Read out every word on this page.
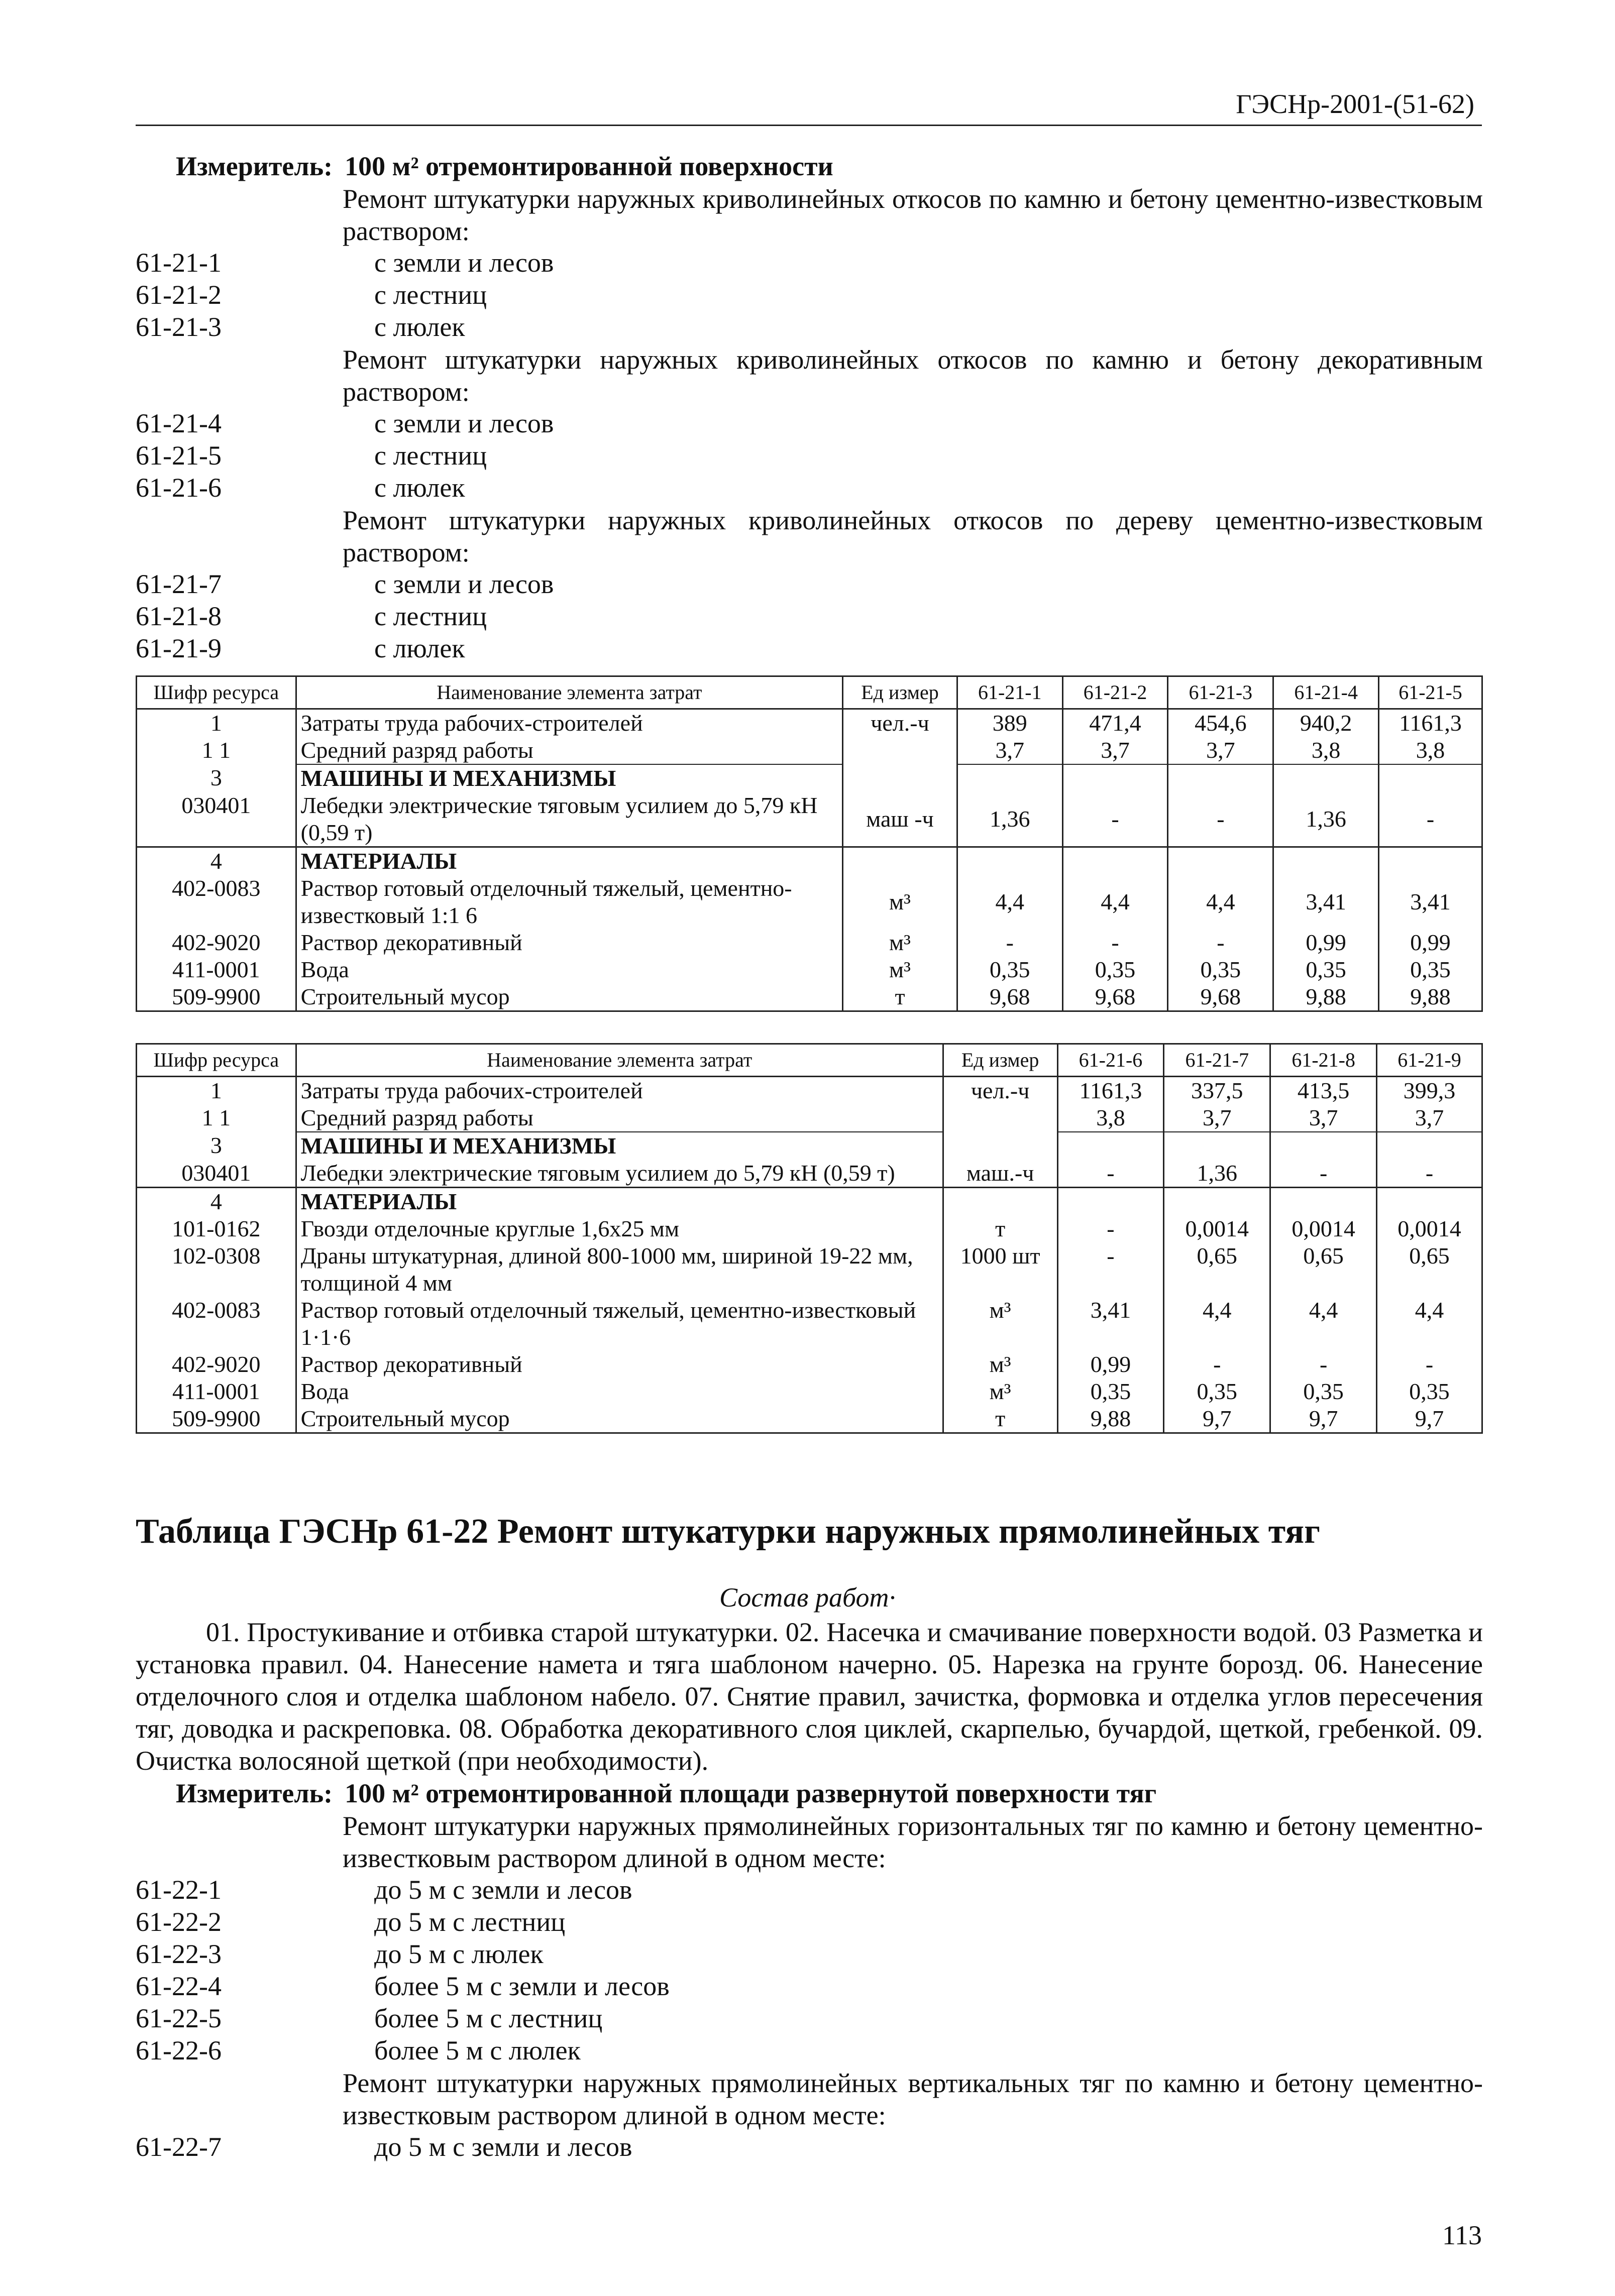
ГЭСНр-2001-(51-62)
Измеритель: 100 м² отремонтированной поверхности
Ремонт штукатурки наружных криволинейных откосов по камню и бетону цементно-известковым раствором:
61-21-1	с земли и лесов
61-21-2	с лестниц
61-21-3	с люлек
Ремонт штукатурки наружных криволинейных откосов по камню и бетону декоративным раствором:
61-21-4	с земли и лесов
61-21-5	с лестниц
61-21-6	с люлек
Ремонт штукатурки наружных криволинейных откосов по дереву цементно-известковым раствором:
61-21-7	с земли и лесов
61-21-8	с лестниц
61-21-9	с люлек
Шифр ресурса	Наименование элемента затрат	Ед измер	61-21-1	61-21-2	61-21-3	61-21-4	61-21-5
1	Затраты труда рабочих-строителей	чел.-ч	389	471,4	454,6	940,2	1161,3
1 1	Средний разряд работы		3,7	3,7	3,7	3,8	3,8
3	МАШИНЫ И МЕХАНИЗМЫ						
030401	Лебедки электрические тяговым усилием до 5,79 кН (0,59 т)	маш -ч	1,36	-	-	1,36	-
4	МАТЕРИАЛЫ						
402-0083	Раствор готовый отделочный тяжелый, цементно-известковый 1:1 6	м³	4,4	4,4	4,4	3,41	3,41
402-9020	Раствор декоративный	м³	-	-	-	0,99	0,99
411-0001	Вода	м³	0,35	0,35	0,35	0,35	0,35
509-9900	Строительный мусор	т	9,68	9,68	9,68	9,88	9,88
Шифр ресурса	Наименование элемента затрат	Ед измер	61-21-6	61-21-7	61-21-8	61-21-9
1	Затраты труда рабочих-строителей	чел.-ч	1161,3	337,5	413,5	399,3
1 1	Средний разряд работы		3,8	3,7	3,7	3,7
3	МАШИНЫ И МЕХАНИЗМЫ					
030401	Лебедки электрические тяговым усилием до 5,79 кН (0,59 т)	маш.-ч	-	1,36	-	-
4	МАТЕРИАЛЫ					
101-0162	Гвозди отделочные круглые 1,6х25 мм	т	-	0,0014	0,0014	0,0014
102-0308	Драны штукатурная, длиной 800-1000 мм, шириной 19-22 мм, толщиной 4 мм	1000 шт	-	0,65	0,65	0,65
402-0083	Раствор готовый отделочный тяжелый, цементно-известковый 1·1·6	м³	3,41	4,4	4,4	4,4
402-9020	Раствор декоративный	м³	0,99	-	-	-
411-0001	Вода	м³	0,35	0,35	0,35	0,35
509-9900	Строительный мусор	т	9,88	9,7	9,7	9,7
Таблица ГЭСНр 61-22 Ремонт штукатурки наружных прямолинейных тяг
Состав работ·
01. Простукивание и отбивка старой штукатурки. 02. Насечка и смачивание поверхности водой. 03 Разметка и установка правил. 04. Нанесение намета и тяга шаблоном начерно. 05. Нарезка на грунте борозд. 06. Нанесение отделочного слоя и отделка шаблоном набело. 07. Снятие правил, зачистка, формовка и отделка углов пересечения тяг, доводка и раскреповка. 08. Обработка декоративного слоя циклей, скарпелью, бучардой, щеткой, гребенкой. 09. Очистка волосяной щеткой (при необходимости).
Измеритель: 100 м² отремонтированной площади развернутой поверхности тяг
Ремонт штукатурки наружных прямолинейных горизонтальных тяг по камню и бетону цементно-известковым раствором длиной в одном месте:
61-22-1	до 5 м с земли и лесов
61-22-2	до 5 м с лестниц
61-22-3	до 5 м с люлек
61-22-4	более 5 м с земли и лесов
61-22-5	более 5 м с лестниц
61-22-6	более 5 м с люлек
Ремонт штукатурки наружных прямолинейных вертикальных тяг по камню и бетону цементно-известковым раствором длиной в одном месте:
61-22-7	до 5 м с земли и лесов
113
